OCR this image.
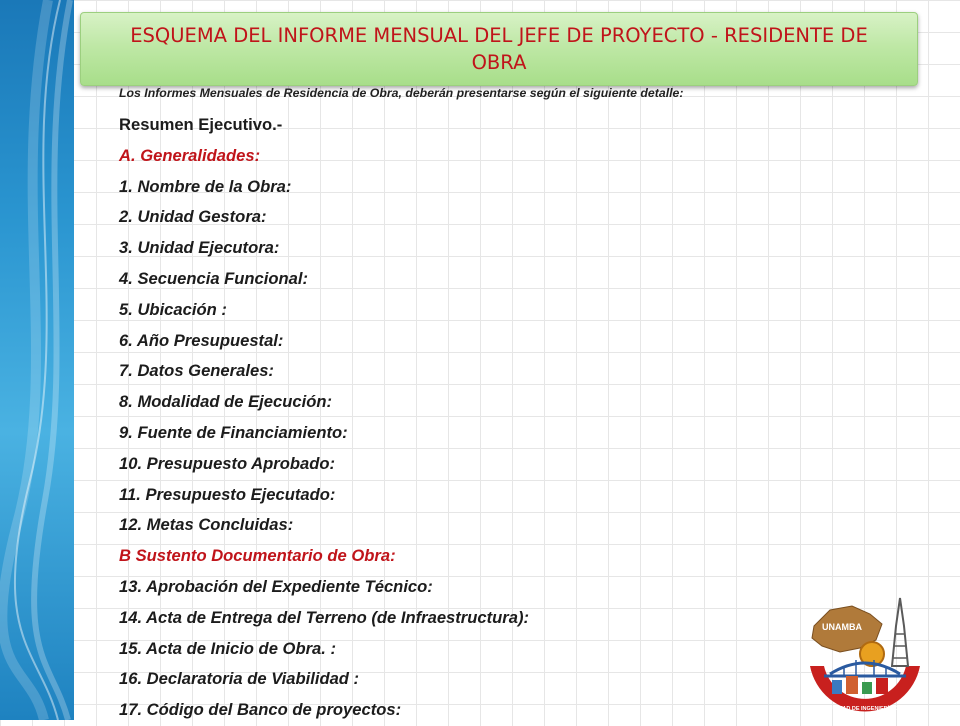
ESQUEMA DEL INFORME MENSUAL DEL JEFE DE PROYECTO - RESIDENTE DE OBRA
Los Informes Mensuales de Residencia de Obra, deberán presentarse según el siguiente detalle:
Resumen Ejecutivo.-
A. Generalidades:
1. Nombre de la Obra:
2. Unidad Gestora:
3. Unidad Ejecutora:
4. Secuencia Funcional:
5. Ubicación :
6. Año Presupuestal:
7. Datos Generales:
8. Modalidad de Ejecución:
9. Fuente de Financiamiento:
10. Presupuesto Aprobado:
11. Presupuesto Ejecutado:
12. Metas Concluidas:
B Sustento Documentario de Obra:
13. Aprobación del Expediente Técnico:
14. Acta de Entrega del Terreno (de Infraestructura):
15. Acta de Inicio de Obra. :
16. Declaratoria de Viabilidad :
17. Código del Banco de proyectos:
UNAMBA
FACULTAD DE INGENIERÍA CIVIL
